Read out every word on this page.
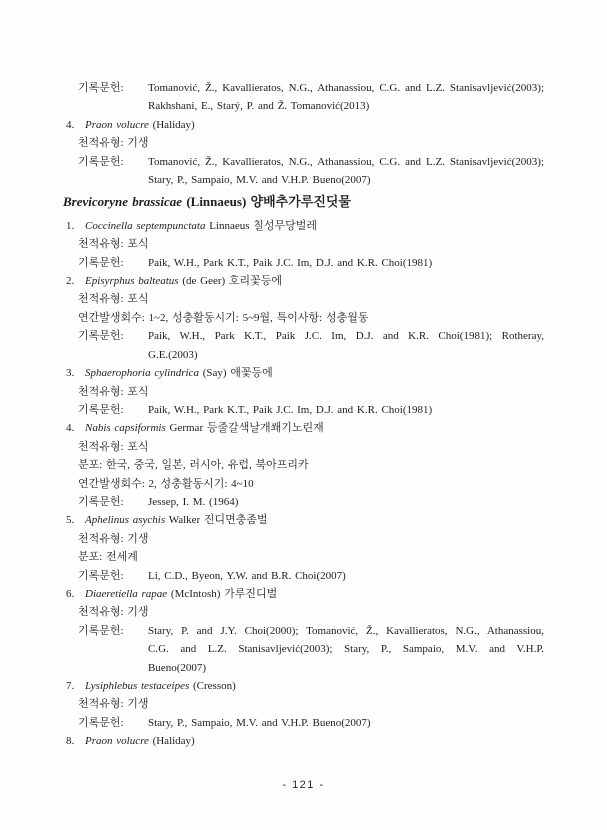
기록문헌:	Tomanović, Ž., Kavallieratos, N.G., Athanassiou, C.G. and L.Z. Stanisavljević(2003);
Rakhshani, E., Starý, P. and Ž. Tomanović(2013)
4. Praon volucre (Haliday)
천적유형: 기생
기록문헌:	Tomanović, Ž., Kavallieratos, N.G., Athanassiou, C.G. and L.Z. Stanisavljević(2003);
Stary, P., Sampaio, M.V. and V.H.P. Bueno(2007)
Brevicoryne brassicae (Linnaeus) 양배추가루진딧물
1. Coccinella septempunctata Linnaeus 칠성무당벌레
천적유형: 포식
기록문헌:	Paik, W.H., Park K.T., Paik J.C. Im, D.J. and K.R. Choi(1981)
2. Episyrphus balteatus (de Geer) 호리꽃등에
천적유형: 포식
연간발생회수: 1~2, 성충활동시기: 5~9월, 특이사항: 성충월동
기록문헌:	Paik, W.H., Park K.T., Paik J.C. Im, D.J. and K.R. Choi(1981); Rotheray,
G.E.(2003)
3. Sphaerophoria cylindrica (Say) 애꽃등에
천적유형: 포식
기록문헌:	Paik, W.H., Park K.T., Paik J.C. Im, D.J. and K.R. Choi(1981)
4. Nabis capsiformis Germar 등줄갈색날개쐐기노린재
천적유형: 포식
분포: 한국, 중국, 일본, 러시아, 유럽, 북아프리카
연간발생회수: 2, 성충활동시기: 4~10
기록문헌:	Jessep, I. M. (1964)
5. Aphelinus asychis Walker 진디면충좀벌
천적유형: 기생
분포: 전세계
기록문헌:	Li, C.D., Byeon, Y.W. and B.R. Choi(2007)
6. Diaeretiella rapae (McIntosh) 가루진디벌
천적유형: 기생
기록문헌:	Stary, P. and J.Y. Choi(2000); Tomanović, Ž., Kavallieratos, N.G., Athanassiou,
C.G. and L.Z. Stanisavljević(2003); Stary, P., Sampaio, M.V. and V.H.P.
Bueno(2007)
7. Lysiphlebus testaceipes (Cresson)
천적유형: 기생
기록문헌:	Stary, P., Sampaio, M.V. and V.H.P. Bueno(2007)
8. Praon volucre (Haliday)
- 121 -
